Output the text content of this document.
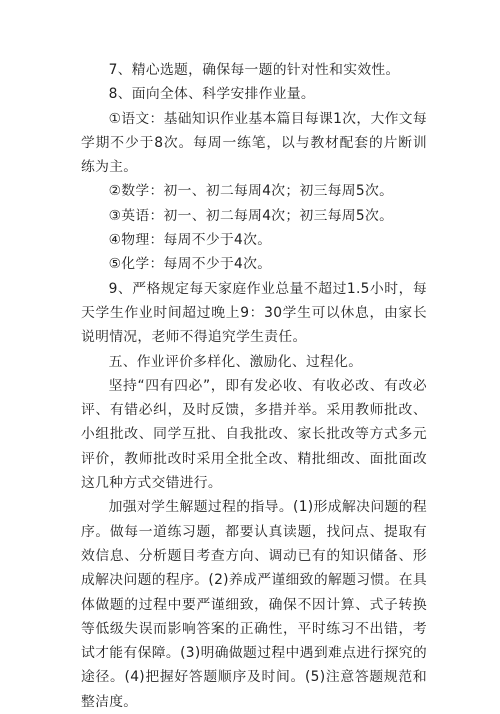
7、精心选题，确保每一题的针对性和实效性。

8、面向全体、科学安排作业量。

①语文：基础知识作业基本篇目每课1次，大作文每学期不少于8次。每周一练笔，以与教材配套的片断训练为主。

②数学：初一、初二每周4次；初三每周5次。

③英语：初一、初二每周4次；初三每周5次。

④物理：每周不少于4次。

⑤化学：每周不少于4次。

9、严格规定每天家庭作业总量不超过1.5小时，每天学生作业时间超过晚上9：30学生可以休息，由家长说明情况，老师不得追究学生责任。

五、作业评价多样化、激励化、过程化。

坚持“四有四必”，即有发必收、有收必改、有改必评、有错必纠，及时反馈，多措并举。采用教师批改、小组批改、同学互批、自我批改、家长批改等方式多元评价，教师批改时采用全批全改、精批细改、面批面改这几种方式交错进行。

加强对学生解题过程的指导。(1)形成解决问题的程序。做每一道练习题，都要认真读题，找问点、提取有效信息、分析题目考查方向、调动已有的知识储备、形成解决问题的程序。(2)养成严谨细致的解题习惯。在具体做题的过程中要严谨细致，确保不因计算、式子转换等低级失误而影响答案的正确性，平时练习不出错，考试才能有保障。(3)明确做题过程中遇到难点进行探究的途径。(4)把握好答题顺序及时间。(5)注意答题规范和整洁度。
